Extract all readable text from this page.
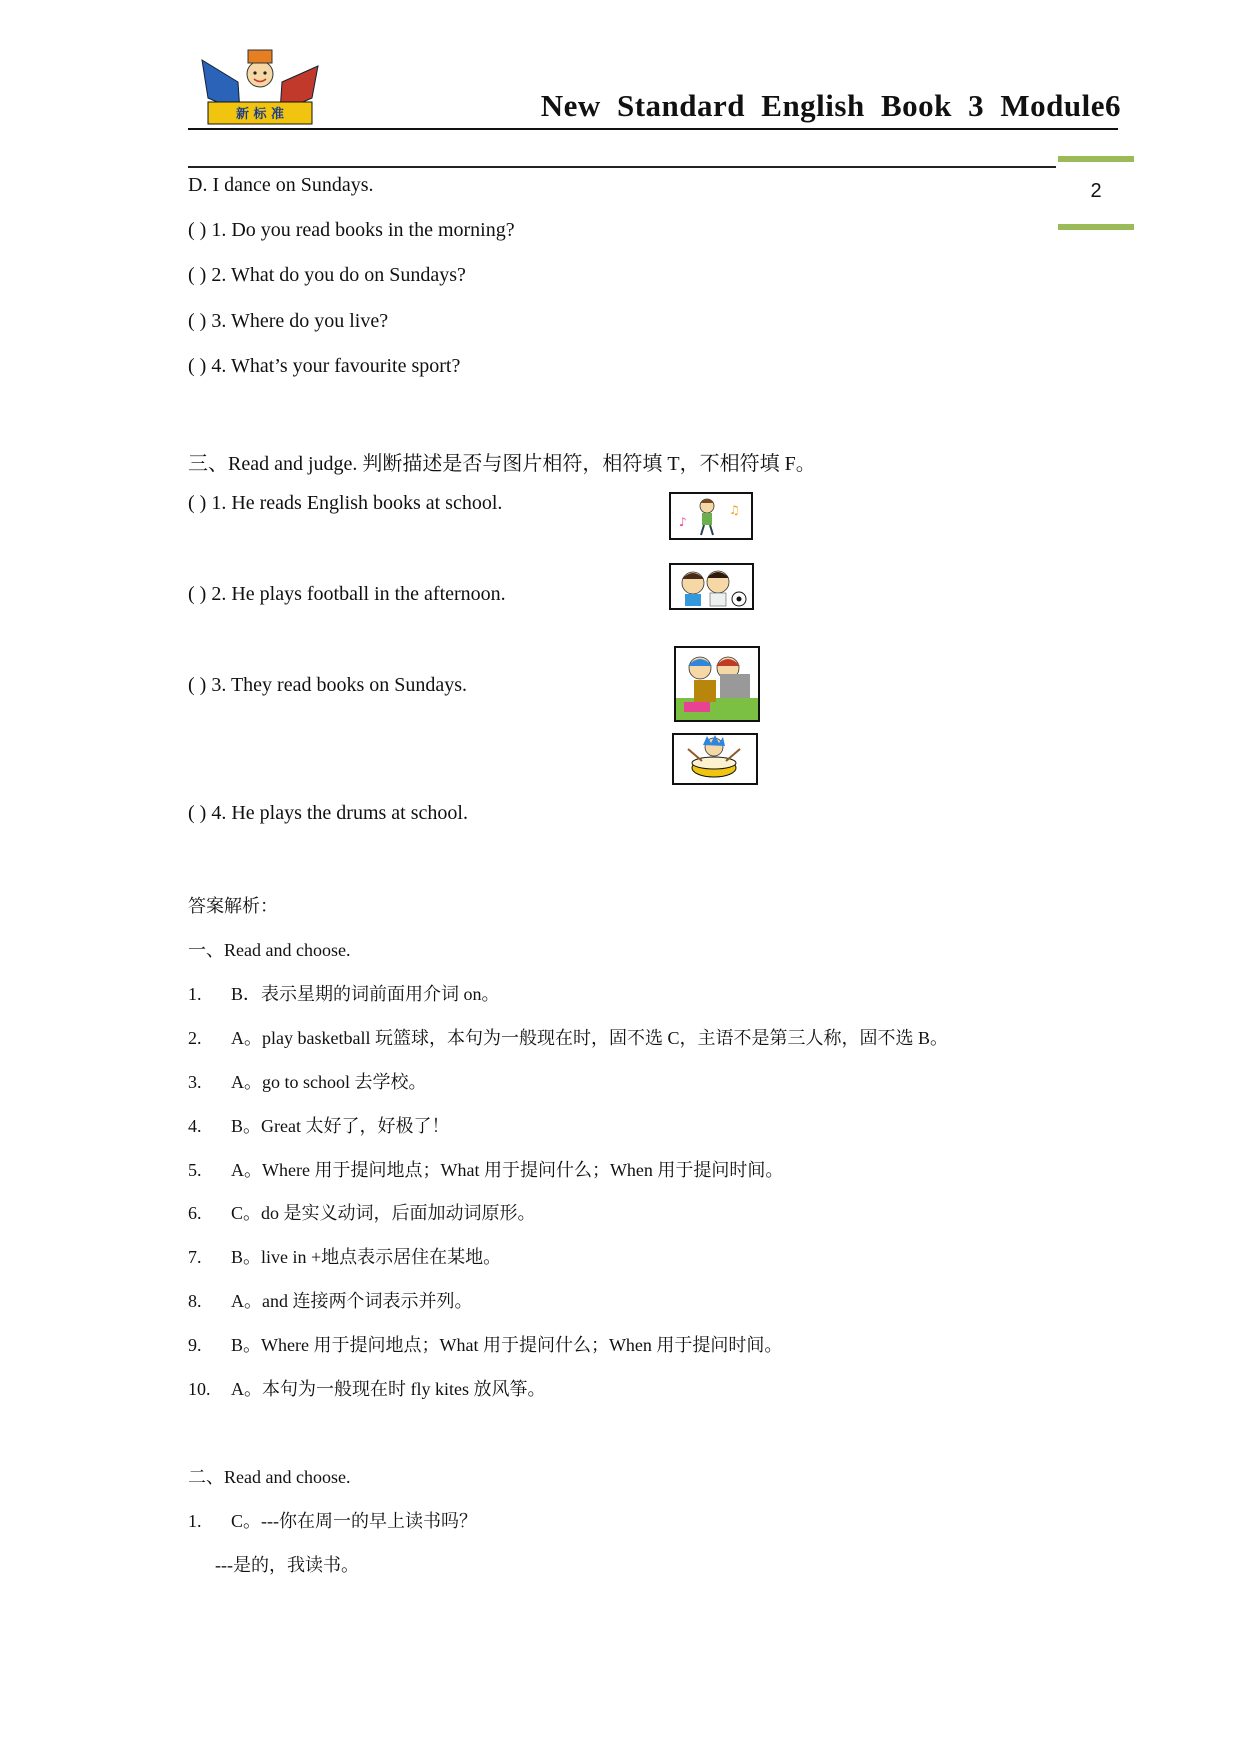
新 标 准	New Standard English Book 3 Module6
2
D. I dance on Sundays.
( ) 1. Do you read books in the morning?
( ) 2. What do you do on Sundays?
( ) 3. Where do you live?
( ) 4. What’s your favourite sport?
三、Read and judge. 判断描述是否与图片相符，相符填 T，不相符填 F。
( ) 1. He reads English books at school.
♪
♫
( ) 2. He plays football in the afternoon.
( ) 3. They read books on Sundays.
( ) 4. He plays the drums at school.
答案解析：
一、Read and choose.
1. B．表示星期的词前面用介词 on。
2. A。play basketball 玩篮球，本句为一般现在时，固不选 C，主语不是第三人称，固不选 B。
3. A。go to school 去学校。
4. B。Great 太好了，好极了！
5. A。Where 用于提问地点；What 用于提问什么；When 用于提问时间。
6. C。do 是实义动词，后面加动词原形。
7. B。live in +地点表示居住在某地。
8. A。and 连接两个词表示并列。
9. B。Where 用于提问地点；What 用于提问什么；When 用于提问时间。
10. A。本句为一般现在时 fly kites 放风筝。
二、Read and choose.
1. C。---你在周一的早上读书吗？
---是的，我读书。
